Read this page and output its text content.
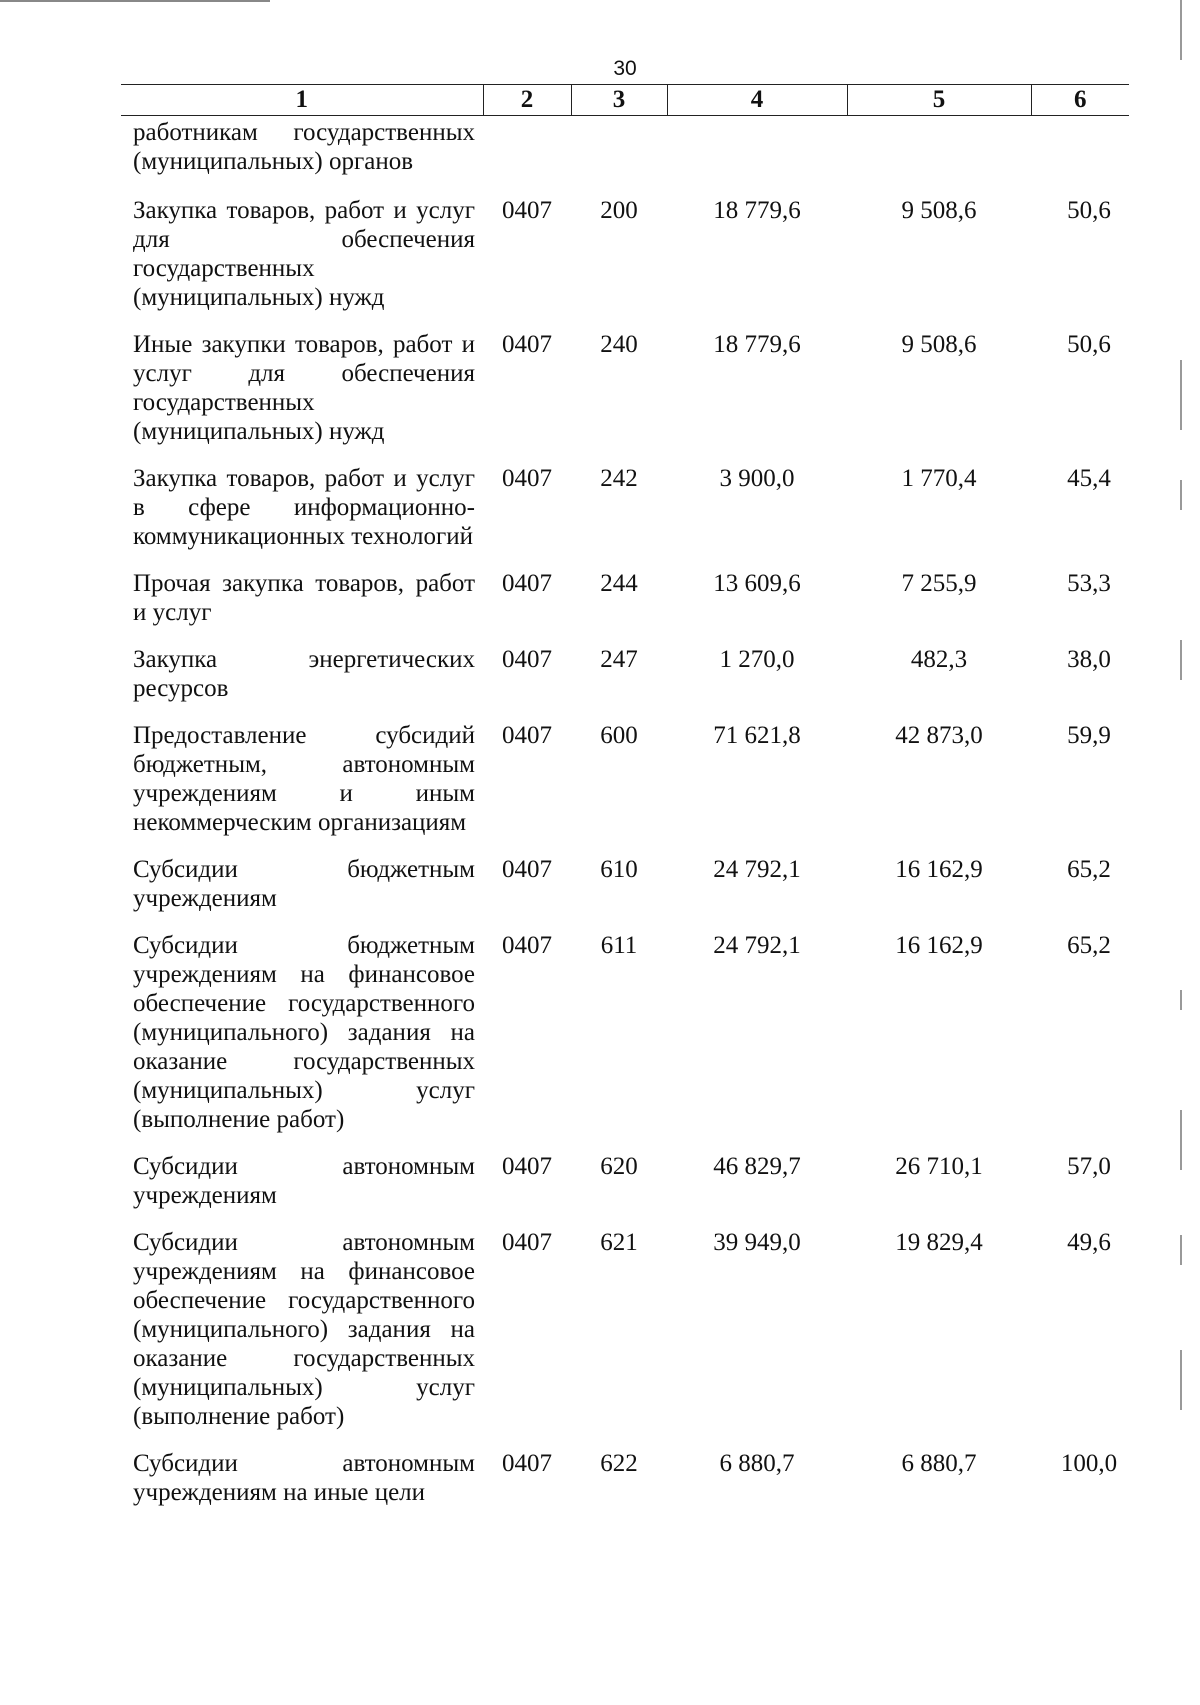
30
1	2	3	4	5	6
работникам государственных (муниципальных) органов					
Закупка товаров, работ и услуг для обеспечения государственных (муниципальных) нужд	0407	200	18 779,6	9 508,6	50,6
Иные закупки товаров, работ и услуг для обеспечения государственных (муниципальных) нужд	0407	240	18 779,6	9 508,6	50,6
Закупка товаров, работ и услуг в сфере информационно-коммуникационных технологий	0407	242	3 900,0	1 770,4	45,4
Прочая закупка товаров, работ и услуг	0407	244	13 609,6	7 255,9	53,3
Закупка энергетических ресурсов	0407	247	1 270,0	482,3	38,0
Предоставление субсидий бюджетным, автономным учреждениям и иным некоммерческим организациям	0407	600	71 621,8	42 873,0	59,9
Субсидии бюджетным учреждениям	0407	610	24 792,1	16 162,9	65,2
Субсидии бюджетным учреждениям на финансовое обеспечение государственного (муниципального) задания на оказание государственных (муниципальных) услуг (выполнение работ)	0407	611	24 792,1	16 162,9	65,2
Субсидии автономным учреждениям	0407	620	46 829,7	26 710,1	57,0
Субсидии автономным учреждениям на финансовое обеспечение государственного (муниципального) задания на оказание государственных (муниципальных) услуг (выполнение работ)	0407	621	39 949,0	19 829,4	49,6
Субсидии автономным учреждениям на иные цели	0407	622	6 880,7	6 880,7	100,0
